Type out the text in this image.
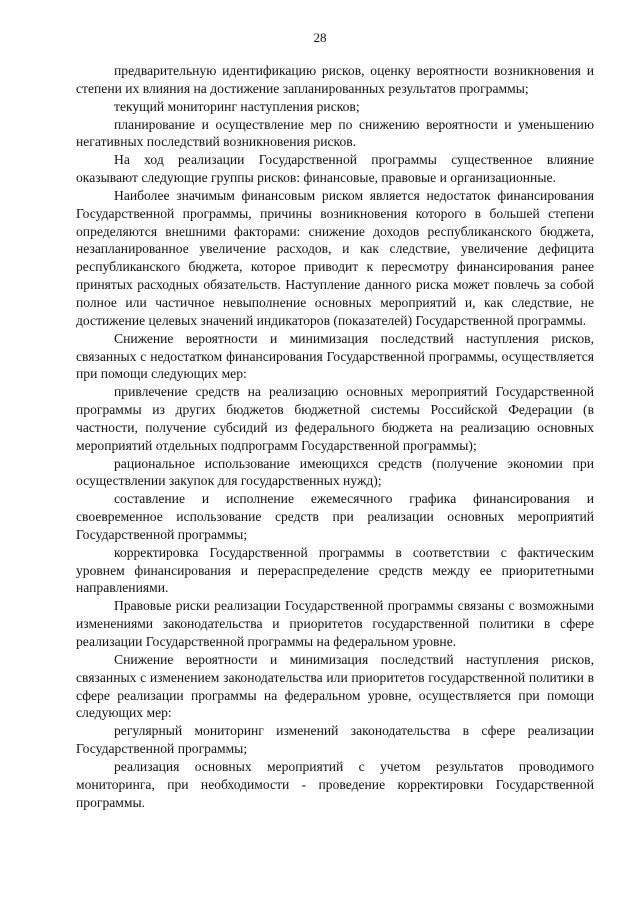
28

предварительную идентификацию рисков, оценку вероятности возникновения и степени их влияния на достижение запланированных результатов программы;

текущий мониторинг наступления рисков;

планирование и осуществление мер по снижению вероятности и уменьшению негативных последствий возникновения рисков.

На ход реализации Государственной программы существенное влияние оказывают следующие группы рисков: финансовые, правовые и организационные.

Наиболее значимым финансовым риском является недостаток финансирования Государственной программы, причины возникновения которого в большей степени определяются внешними факторами: снижение доходов республиканского бюджета, незапланированное увеличение расходов, и как следствие, увеличение дефицита республиканского бюджета, которое приводит к пересмотру финансирования ранее принятых расходных обязательств. Наступление данного риска может повлечь за собой полное или частичное невыполнение основных мероприятий и, как следствие, не достижение целевых значений индикаторов (показателей) Государственной программы.

Снижение вероятности и минимизация последствий наступления рисков, связанных с недостатком финансирования Государственной программы, осуществляется при помощи следующих мер:

привлечение средств на реализацию основных мероприятий Государственной программы из других бюджетов бюджетной системы Российской Федерации (в частности, получение субсидий из федерального бюджета на реализацию основных мероприятий отдельных подпрограмм Государственной программы);

рациональное использование имеющихся средств (получение экономии при осуществлении закупок для государственных нужд);

составление и исполнение ежемесячного графика финансирования и своевременное использование средств при реализации основных мероприятий Государственной программы;

корректировка Государственной программы в соответствии с фактическим уровнем финансирования и перераспределение средств между ее приоритетными направлениями.

Правовые риски реализации Государственной программы связаны с возможными изменениями законодательства и приоритетов государственной политики в сфере реализации Государственной программы на федеральном уровне.

Снижение вероятности и минимизация последствий наступления рисков, связанных с изменением законодательства или приоритетов государственной политики в сфере реализации программы на федеральном уровне, осуществляется при помощи следующих мер:

регулярный мониторинг изменений законодательства в сфере реализации Государственной программы;

реализация основных мероприятий с учетом результатов проводимого мониторинга, при необходимости - проведение корректировки Государственной программы.
